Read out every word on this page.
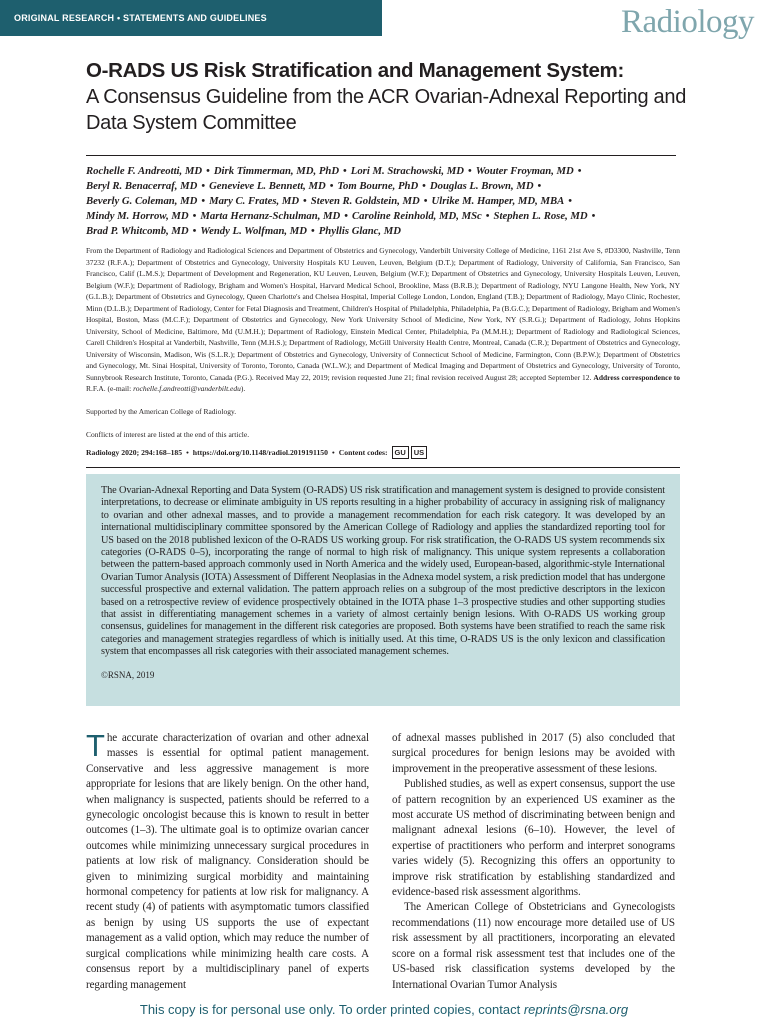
ORIGINAL RESEARCH • STATEMENTS AND GUIDELINES	Radiology
O-RADS US Risk Stratification and Management System:
A Consensus Guideline from the ACR Ovarian-Adnexal Reporting and Data System Committee
Rochelle F. Andreotti, MD • Dirk Timmerman, MD, PhD • Lori M. Strachowski, MD • Wouter Froyman, MD •
Beryl R. Benacerraf, MD • Genevieve L. Bennett, MD • Tom Bourne, PhD • Douglas L. Brown, MD •
Beverly G. Coleman, MD • Mary C. Frates, MD • Steven R. Goldstein, MD • Ulrike M. Hamper, MD, MBA •
Mindy M. Horrow, MD • Marta Hernanz-Schulman, MD • Caroline Reinhold, MD, MSc • Stephen L. Rose, MD •
Brad P. Whitcomb, MD • Wendy L. Wolfman, MD • Phyllis Glanc, MD
From the Department of Radiology and Radiological Sciences and Department of Obstetrics and Gynecology, Vanderbilt University College of Medicine, 1161 21st Ave S, #D3300, Nashville, Tenn 37232 (R.F.A.); Department of Obstetrics and Gynecology, University Hospitals KU Leuven, Leuven, Belgium (D.T.); Department of Radiology, University of California, San Francisco, San Francisco, Calif (L.M.S.); Department of Development and Regeneration, KU Leuven, Leuven, Belgium (W.F.); Department of Obstetrics and Gynecology, University Hospitals Leuven, Leuven, Belgium (W.F.); Department of Radiology, Brigham and Women's Hospital, Harvard Medical School, Brookline, Mass (B.R.B.); Department of Radiology, NYU Langone Health, New York, NY (G.L.B.); Department of Obstetrics and Gynecology, Queen Charlotte's and Chelsea Hospital, Imperial College London, London, England (T.B.); Department of Radiology, Mayo Clinic, Rochester, Minn (D.L.B.); Department of Radiology, Center for Fetal Diagnosis and Treatment, Children's Hospital of Philadelphia, Philadelphia, Pa (B.G.C.); Department of Radiology, Brigham and Women's Hospital, Boston, Mass (M.C.F.); Department of Obstetrics and Gynecology, New York University School of Medicine, New York, NY (S.R.G.); Department of Radiology, Johns Hopkins University, School of Medicine, Baltimore, Md (U.M.H.); Department of Radiology, Einstein Medical Center, Philadelphia, Pa (M.M.H.); Department of Radiology and Radiological Sciences, Carell Children's Hospital at Vanderbilt, Nashville, Tenn (M.H.S.); Department of Radiology, McGill University Health Centre, Montreal, Canada (C.R.); Department of Obstetrics and Gynecology, University of Wisconsin, Madison, Wis (S.L.R.); Department of Obstetrics and Gynecology, University of Connecticut School of Medicine, Farmington, Conn (B.P.W.); Department of Obstetrics and Gynecology, Mt. Sinai Hospital, University of Toronto, Toronto, Canada (W.L.W.); and Department of Medical Imaging and Department of Obstetrics and Gynecology, University of Toronto, Sunnybrook Research Institute, Toronto, Canada (P.G.). Received May 22, 2019; revision requested June 21; final revision received August 28; accepted September 12. Address correspondence to R.F.A. (e-mail: rochelle.f.andreotti@vanderbilt.edu).
Supported by the American College of Radiology.
Conflicts of interest are listed at the end of this article.
Radiology 2020; 294:168–185 • https://doi.org/10.1148/radiol.2019191150 • Content codes: GU US
The Ovarian-Adnexal Reporting and Data System (O-RADS) US risk stratification and management system is designed to provide consistent interpretations, to decrease or eliminate ambiguity in US reports resulting in a higher probability of accuracy in assigning risk of malignancy to ovarian and other adnexal masses, and to provide a management recommendation for each risk category. It was developed by an international multidisciplinary committee sponsored by the American College of Radiology and applies the standardized reporting tool for US based on the 2018 published lexicon of the O-RADS US working group. For risk stratification, the O-RADS US system recommends six categories (O-RADS 0–5), incorporating the range of normal to high risk of malignancy. This unique system represents a collaboration between the pattern-based approach commonly used in North America and the widely used, European-based, algorithmic-style International Ovarian Tumor Analysis (IOTA) Assessment of Different Neoplasias in the Adnexa model system, a risk prediction model that has undergone successful prospective and external validation. The pattern approach relies on a subgroup of the most predictive descriptors in the lexicon based on a retrospective review of evidence prospectively obtained in the IOTA phase 1–3 prospective studies and other supporting studies that assist in differentiating management schemes in a variety of almost certainly benign lesions. With O-RADS US working group consensus, guidelines for management in the different risk categories are proposed. Both systems have been stratified to reach the same risk categories and management strategies regardless of which is initially used. At this time, O-RADS US is the only lexicon and classification system that encompasses all risk categories with their associated management schemes.
©RSNA, 2019

The accurate characterization of ovarian and other adnexal masses is essential for optimal patient management. Conservative and less aggressive management is more appropriate for lesions that are likely benign. On the other hand, when malignancy is suspected, patients should be referred to a gynecologic oncologist because this is known to result in better outcomes (1–3). The ultimate goal is to optimize ovarian cancer outcomes while minimizing unnecessary surgical procedures in patients at low risk of malignancy. Consideration should be given to minimizing surgical morbidity and maintaining hormonal competency for patients at low risk for malignancy. A recent study (4) of patients with asymptomatic tumors classified as benign by using US supports the use of expectant management as a valid option, which may reduce the number of surgical complications while minimizing health care costs. A consensus report by a multidisciplinary panel of experts regarding management

of adnexal masses published in 2017 (5) also concluded that surgical procedures for benign lesions may be avoided with improvement in the preoperative assessment of these lesions.

Published studies, as well as expert consensus, support the use of pattern recognition by an experienced US examiner as the most accurate US method of discriminating between benign and malignant adnexal lesions (6–10). However, the level of expertise of practitioners who perform and interpret sonograms varies widely (5). Recognizing this offers an opportunity to improve risk stratification by establishing standardized and evidence-based risk assessment algorithms.

The American College of Obstetricians and Gynecologists recommendations (11) now encourage more detailed use of US risk assessment by all practitioners, incorporating an elevated score on a formal risk assessment test that includes one of the US-based risk classification systems developed by the International Ovarian Tumor Analysis

This copy is for personal use only. To order printed copies, contact reprints@rsna.org
